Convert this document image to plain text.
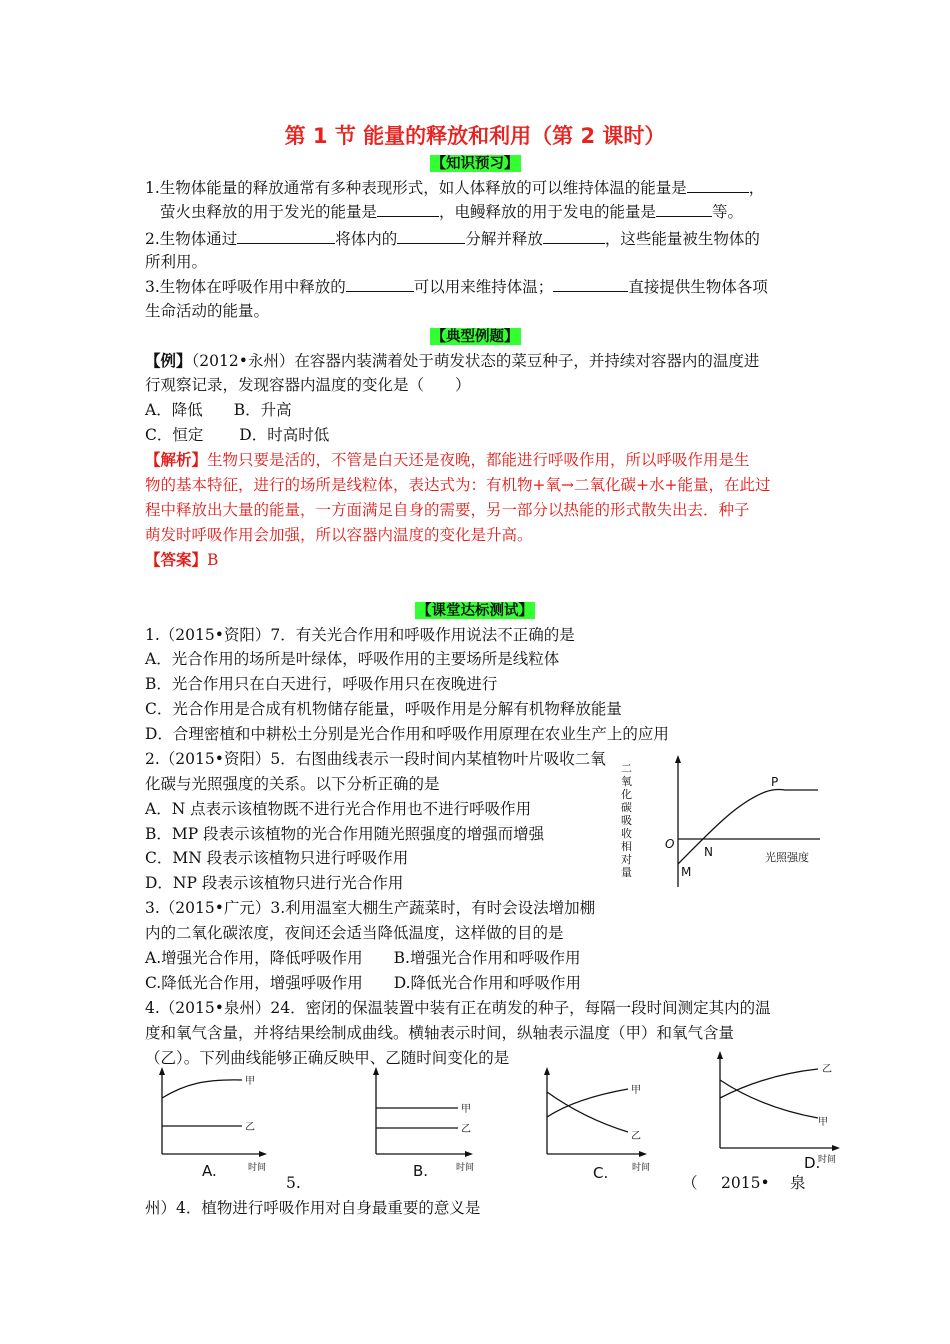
第 1 节 能量的释放和利用（第 2 课时）
【知识预习】
1.生物体能量的释放通常有多种表现形式，如人体释放的可以维持体温的能量是	，
萤火虫释放的用于发光的能量是	，电鳗释放的用于发电的能量是	等。
2.生物体通过	将体内的	分解并释放	，这些能量被生物体的
所利用。
3.生物体在呼吸作用中释放的	可以用来维持体温；	直接提供生物体各项
生命活动的能量。
【典型例题】
【例】（2012•永州）在容器内装满着处于萌发状态的菜豆种子，并持续对容器内的温度进
行观察记录，发现容器内温度的变化是（　　）
A．降低　　B．升高
C．恒定　　 D．时高时低
【解析】生物只要是活的，不管是白天还是夜晚，都能进行呼吸作用，所以呼吸作用是生
物的基本特征，进行的场所是线粒体，表达式为：有机物+氧→二氧化碳+水+能量，在此过
程中释放出大量的能量，一方面满足自身的需要，另一部分以热能的形式散失出去．种子
萌发时呼吸作用会加强，所以容器内温度的变化是升高。
【答案】B
【课堂达标测试】
1.（2015•资阳）7．有关光合作用和呼吸作用说法不正确的是
A．光合作用的场所是叶绿体，呼吸作用的主要场所是线粒体
B．光合作用只在白天进行，呼吸作用只在夜晚进行
C．光合作用是合成有机物储存能量，呼吸作用是分解有机物释放能量
D．合理密植和中耕松土分别是光合作用和呼吸作用原理在农业生产上的应用
2.（2015•资阳）5．右图曲线表示一段时间内某植物叶片吸收二氧
化碳与光照强度的关系。以下分析正确的是
A．N 点表示该植物既不进行光合作用也不进行呼吸作用
B．MP 段表示该植物的光合作用随光照强度的增强而增强
C．MN 段表示该植物只进行呼吸作用
D．NP 段表示该植物只进行光合作用
3.（2015•广元）3.利用温室大棚生产蔬菜时，有时会设法增加棚
内的二氧化碳浓度，夜间还会适当降低温度，这样做的目的是
A.增强光合作用，降低呼吸作用　　B.增强光合作用和呼吸作用
C.降低光合作用，增强呼吸作用　　D.降低光合作用和呼吸作用
4.（2015•泉州）24．密闭的保温装置中装有正在萌发的种子，每隔一段时间测定其内的温
度和氧气含量，并将结果绘制成曲线。横轴表示时间，纵轴表示温度（甲）和氧气含量
（乙）。下列曲线能够正确反映甲、乙随时间变化的是
5.	（ 2015• 泉
州）4．植物进行呼吸作用对自身最重要的意义是
二
氧
化
碳
吸
收
相
对
量
O
P
N
M
光照强度
甲
乙
A.	时间
甲
乙
B.	时间
甲
乙
C.	时间
乙
甲
D.
时间
